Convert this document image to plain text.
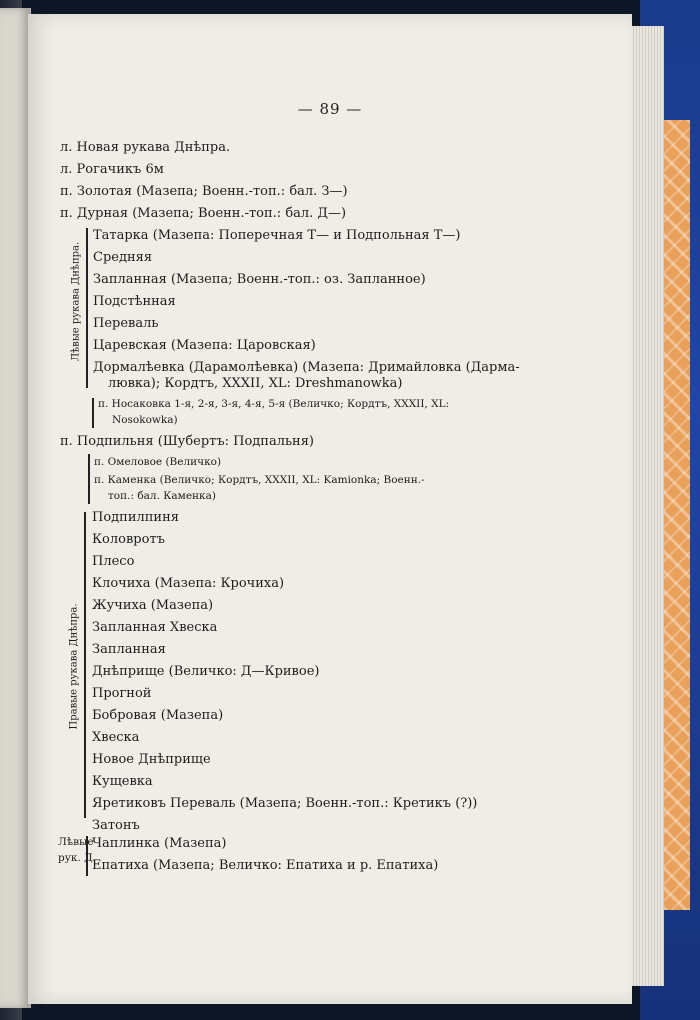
— 89 —
л. Новая рукава Днѣпра.
л. Рогачикъ 6м
п. Золотая (Мазепа; Военн.-топ.: бал. З—)
п. Дурная (Мазепа; Военн.-топ.: бал. Д—)
Лѣвые рукава Днѣпра.
Татарка (Мазепа: Поперечная Т— и Подпольная Т—)
Средняя
Запланная (Мазепа; Военн.-топ.: оз. Запланное)
Подстѣнная
Переваль
Царевская (Мазепа: Царовская)
Дормалѣевка (Дарамолѣевка) (Мазепа: Дримайловка (Дарма-
лювка); Кордтъ, XXXII, XL: Dreshmanowka)
п. Носаковка 1-я, 2-я, 3-я, 4-я, 5-я (Величко; Кордтъ, XXXII, XL:
Nosokowka)
п. Подпильня (Шубертъ: Подпальня)
п. Омеловое (Величко)
п. Каменка (Величко; Кордтъ, XXXII, XL: Kamionka; Военн.-
топ.: бал. Каменка)
Правые рукава Днѣпра.
Подпилпиня
Коловротъ
Плесо
Клочиха (Мазепа: Крочиха)
Жучиха (Мазепа)
Запланная Хвеска
Запланная
Днѣприще (Величко: Д—Кривое)
Прогной
Бобровая (Мазепа)
Хвеска
Новое Днѣприще
Кущевка
Яретиковъ Переваль (Мазепа; Военн.-топ.: Кретикъ (?))
Затонъ
Лѣвые
рук. Д.
Чаплинка (Мазепа)
Епатиха (Мазепа; Величко: Епатиха и р. Епатиха)
